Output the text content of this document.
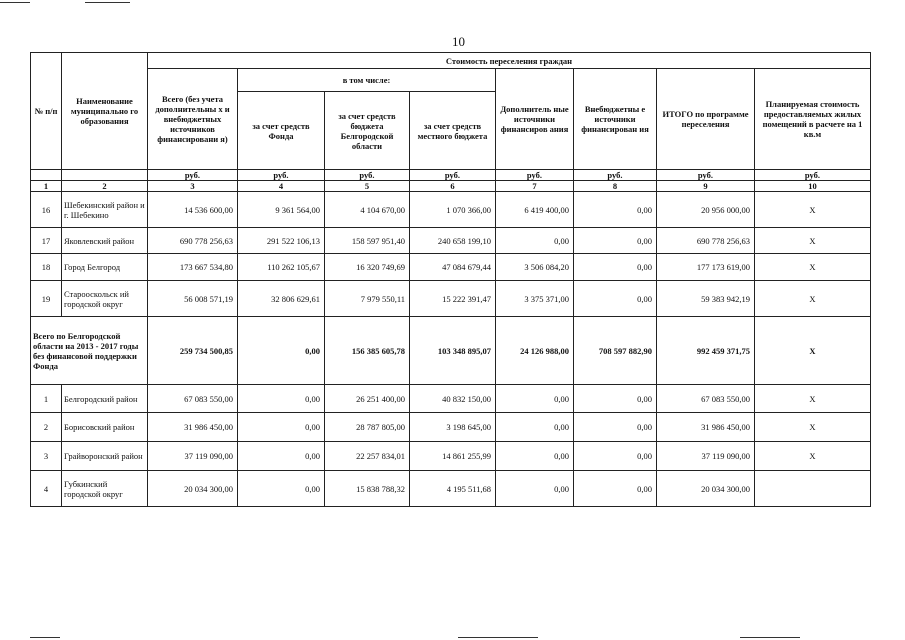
10
№ п/п	Наименование муниципально го образования	Стоимость переселения граждан							
		Всего (без учета дополнительны х и внебюджетных источников финансировани я)	в том числе:			Дополнитель ные источники финансиров ания	Внебюджетны е источники финансирован ия	ИТОГО по программе переселения	Планируемая стоимость предоставляемых жилых помещений в расчете на 1 кв.м
			за счет средств Фонда	за счет средств бюджета Белгородской области	за счет средств местного бюджета				
		руб.	руб.	руб.	руб.	руб.	руб.	руб.	руб.
1	2	3	4	5	6	7	8	9	10
16	Шебекинский район и г. Шебекино	14 536 600,00	9 361 564,00	4 104 670,00	1 070 366,00	6 419 400,00	0,00	20 956 000,00	X
17	Яковлевский район	690 778 256,63	291 522 106,13	158 597 951,40	240 658 199,10	0,00	0,00	690 778 256,63	X
18	Город Белгород	173 667 534,80	110 262 105,67	16 320 749,69	47 084 679,44	3 506 084,20	0,00	177 173 619,00	X
19	Старооскольск ий городской округ	56 008 571,19	32 806 629,61	7 979 550,11	15 222 391,47	3 375 371,00	0,00	59 383 942,19	X
Всего по Белгородской области на 2013 - 2017 годы без финансовой поддержки Фонда		259 734 500,85	0,00	156 385 605,78	103 348 895,07	24 126 988,00	708 597 882,90	992 459 371,75	X
1	Белгородский район	67 083 550,00	0,00	26 251 400,00	40 832 150,00	0,00	0,00	67 083 550,00	X
2	Борисовский район	31 986 450,00	0,00	28 787 805,00	3 198 645,00	0,00	0,00	31 986 450,00	X
3	Грайворонский район	37 119 090,00	0,00	22 257 834,01	14 861 255,99	0,00	0,00	37 119 090,00	X
4	Губкинский городской округ	20 034 300,00	0,00	15 838 788,32	4 195 511,68	0,00	0,00	20 034 300,00	
